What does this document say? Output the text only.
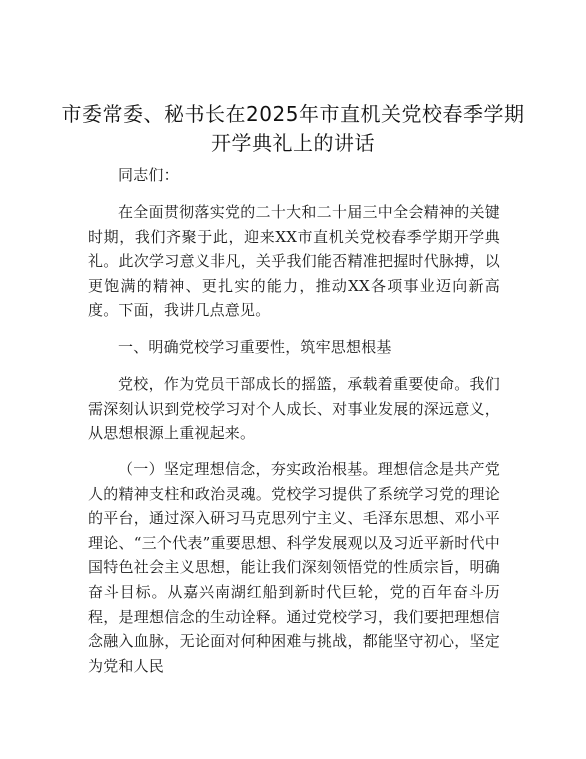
市委常委、秘书长在2025年市直机关党校春季学期开学典礼上的讲话
同志们：
在全面贯彻落实党的二十大和二十届三中全会精神的关键时期，我们齐聚于此，迎来XX市直机关党校春季学期开学典礼。此次学习意义非凡，关乎我们能否精准把握时代脉搏，以更饱满的精神、更扎实的能力，推动XX各项事业迈向新高度。下面，我讲几点意见。
一、明确党校学习重要性，筑牢思想根基
党校，作为党员干部成长的摇篮，承载着重要使命。我们需深刻认识到党校学习对个人成长、对事业发展的深远意义，从思想根源上重视起来。
（一）坚定理想信念，夯实政治根基。理想信念是共产党人的精神支柱和政治灵魂。党校学习提供了系统学习党的理论的平台，通过深入研习马克思列宁主义、毛泽东思想、邓小平理论、“三个代表”重要思想、科学发展观以及习近平新时代中国特色社会主义思想，能让我们深刻领悟党的性质宗旨，明确奋斗目标。从嘉兴南湖红船到新时代巨轮，党的百年奋斗历程，是理想信念的生动诠释。通过党校学习，我们要把理想信念融入血脉，无论面对何种困难与挑战，都能坚守初心，坚定为党和人民
